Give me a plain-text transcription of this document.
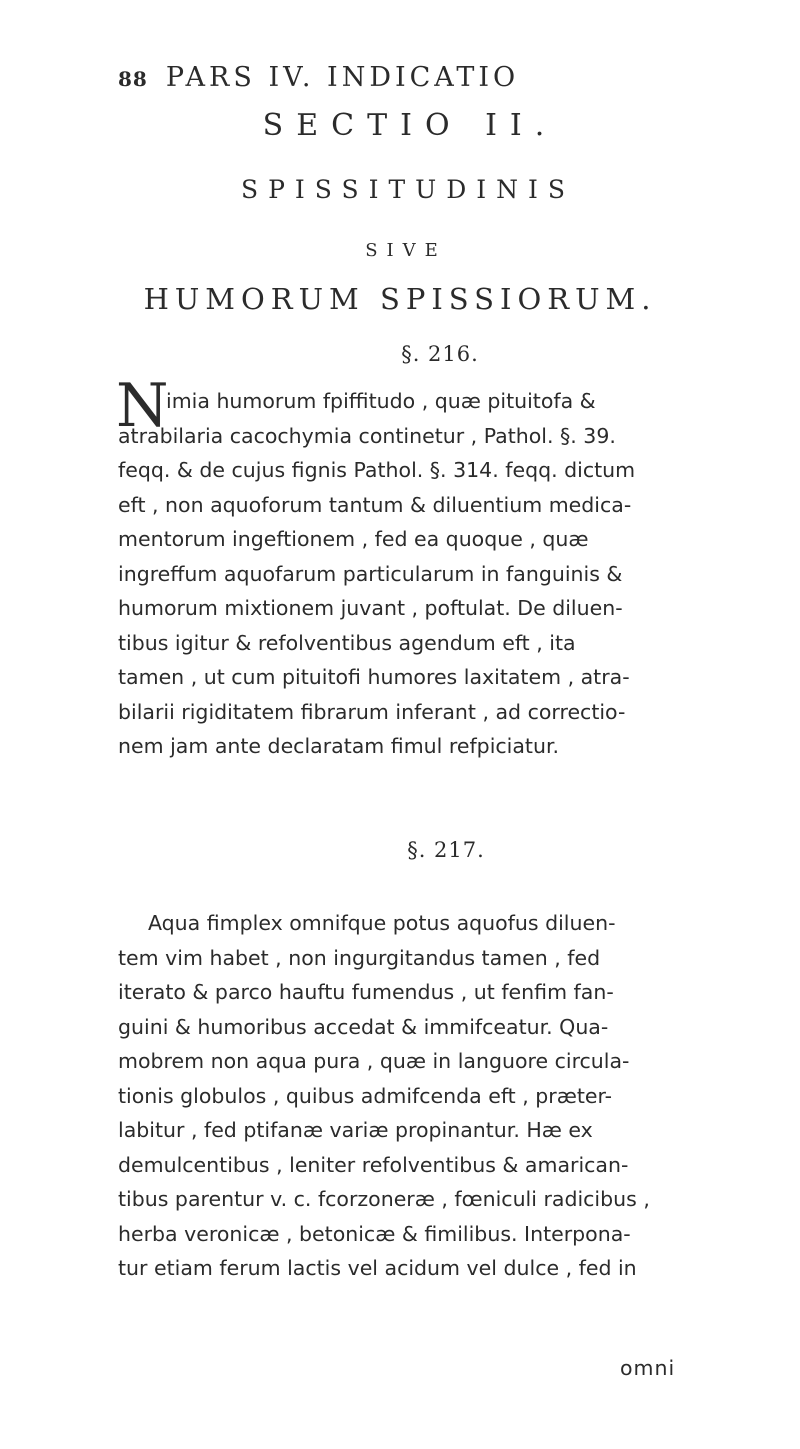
88 PARS IV. INDICATIO
SECTIO II.
SPISSITUDINIS
SIVE
HUMORUM SPISSIORUM.
§. 216.
N
imia humorum fpiffitudo , quæ pituitofa &
atrabilaria cacochymia continetur , Pathol. §. 39.
feqq. & de cujus fignis Pathol. §. 314. feqq. dictum
eft , non aquoforum tantum & diluentium medica-
mentorum ingeftionem , fed ea quoque , quæ
ingreffum aquofarum particularum in fanguinis &
humorum mixtionem juvant , poftulat. De diluen-
tibus igitur & refolventibus agendum eft , ita
tamen , ut cum pituitofi humores laxitatem , atra-
bilarii rigiditatem fibrarum inferant , ad correctio-
nem jam ante declaratam fimul refpiciatur.
§. 217.
Aqua fimplex omnifque potus aquofus diluen-
tem vim habet , non ingurgitandus tamen , fed
iterato & parco hauftu fumendus , ut fenfim fan-
guini & humoribus accedat & immifceatur. Qua-
mobrem non aqua pura , quæ in languore circula-
tionis globulos , quibus admifcenda eft , præter-
labitur , fed ptifanæ variæ propinantur. Hæ ex
demulcentibus , leniter refolventibus & amarican-
tibus parentur v. c. fcorzoneræ , fœniculi radicibus ,
herba veronicæ , betonicæ & fimilibus. Interpona-
tur etiam ferum lactis vel acidum vel dulce , fed in
omni
